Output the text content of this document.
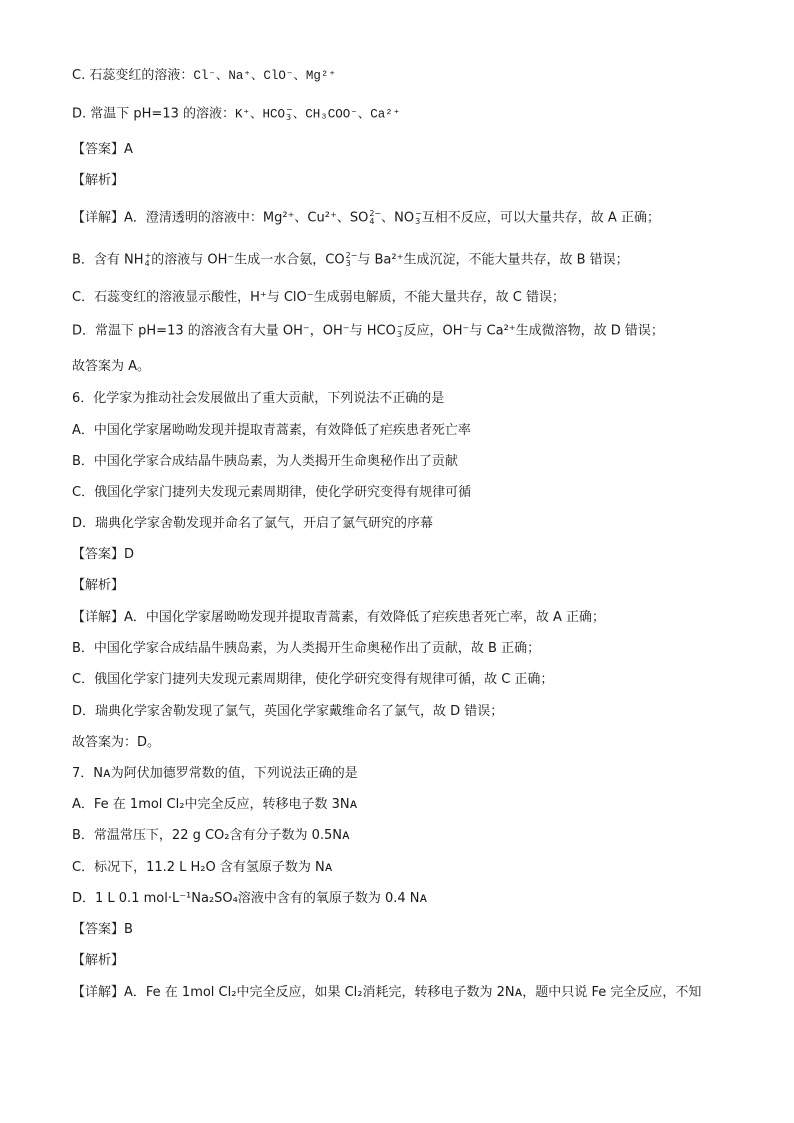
C. 石蕊变红的溶液：Cl⁻、Na⁺、ClO⁻、Mg²⁺
D. 常温下 pH=13 的溶液：K⁺、HCO −
3 、CH₃COO⁻、Ca²⁺
【答案】A
【解析】
【详解】A．澄清透明的溶液中：Mg²⁺、Cu²⁺、SO 2−
4 、NO −
3 互相不反应，可以大量共存，故 A 正确；
B．含有 NH +
4 的溶液与 OH⁻生成一水合氨，CO 2−
3 与 Ba²⁺生成沉淀，不能大量共存，故 B 错误；
C．石蕊变红的溶液显示酸性，H⁺与 ClO⁻生成弱电解质，不能大量共存，故 C 错误；
D．常温下 pH=13 的溶液含有大量 OH⁻，OH⁻与 HCO −
3 反应，OH⁻与 Ca²⁺生成微溶物，故 D 错误；
故答案为 A。
6．化学家为推动社会发展做出了重大贡献，下列说法不正确的是
A．中国化学家屠呦呦发现并提取青蒿素，有效降低了疟疾患者死亡率
B．中国化学家合成结晶牛胰岛素，为人类揭开生命奥秘作出了贡献
C．俄国化学家门捷列夫发现元素周期律，使化学研究变得有规律可循
D．瑞典化学家舍勒发现并命名了氯气，开启了氯气研究的序幕
【答案】D
【解析】
【详解】A．中国化学家屠呦呦发现并提取青蒿素，有效降低了疟疾患者死亡率，故 A 正确；
B．中国化学家合成结晶牛胰岛素，为人类揭开生命奥秘作出了贡献，故 B 正确；
C．俄国化学家门捷列夫发现元素周期律，使化学研究变得有规律可循，故 C 正确；
D．瑞典化学家舍勒发现了氯气，英国化学家戴维命名了氯气，故 D 错误；
故答案为：D。
7．Nᴀ为阿伏加德罗常数的值，下列说法正确的是
A．Fe 在 1mol Cl₂中完全反应，转移电子数 3Nᴀ
B．常温常压下，22 g CO₂含有分子数为 0.5Nᴀ
C．标况下，11.2 L H₂O 含有氢原子数为 Nᴀ
D．1 L 0.1 mol·L⁻¹Na₂SO₄溶液中含有的氧原子数为 0.4 Nᴀ
【答案】B
【解析】
【详解】A．Fe 在 1mol Cl₂中完全反应，如果 Cl₂消耗完，转移电子数为 2Nᴀ，题中只说 Fe 完全反应，不知
